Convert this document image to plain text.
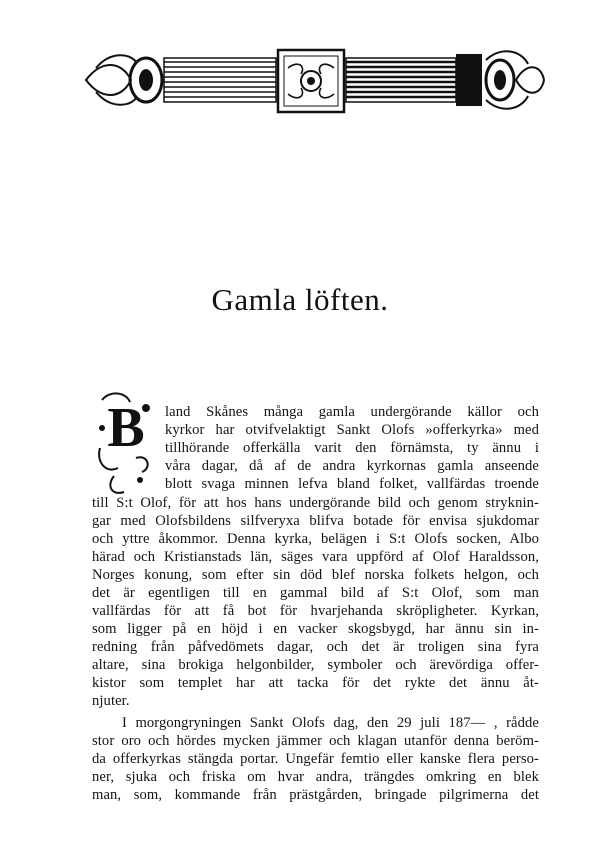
Gamla löften.
B land Skånes många gamla undergörande källor och
kyrkor har otvifvelaktigt Sankt Olofs »offerkyrka» med
tillhörande offerkälla varit den förnämsta, ty ännu i
våra dagar, då af de andra kyrkornas gamla anseende
blott svaga minnen lefva bland folket, vallfärdas troende
till S:t Olof, för att hos hans undergörande bild och genom stryknin-
gar med Olofsbildens silfveryxa blifva botade för envisa sjukdomar
och yttre åkommor. Denna kyrka, belägen i S:t Olofs socken, Albo
härad och Kristianstads län, säges vara uppförd af Olof Haraldsson,
Norges konung, som efter sin död blef norska folkets helgon, och
det är egentligen till en gammal bild af S:t Olof, som man
vallfärdas för att få bot för hvarjehanda skröpligheter. Kyrkan,
som ligger på en höjd i en vacker skogsbygd, har ännu sin in-
redning från påfvedömets dagar, och det är troligen sina fyra
altare, sina brokiga helgonbilder, symboler och ärevördiga offer-
kistor som templet har att tacka för det rykte det ännu åt-
njuter.
I morgongryningen Sankt Olofs dag, den 29 juli 187— , rådde
stor oro och hördes mycken jämmer och klagan utanför denna beröm-
da offerkyrkas stängda portar. Ungefär femtio eller kanske flera perso-
ner, sjuka och friska om hvar andra, trängdes omkring en blek
man, som, kommande från prästgården, bringade pilgrimerna det
